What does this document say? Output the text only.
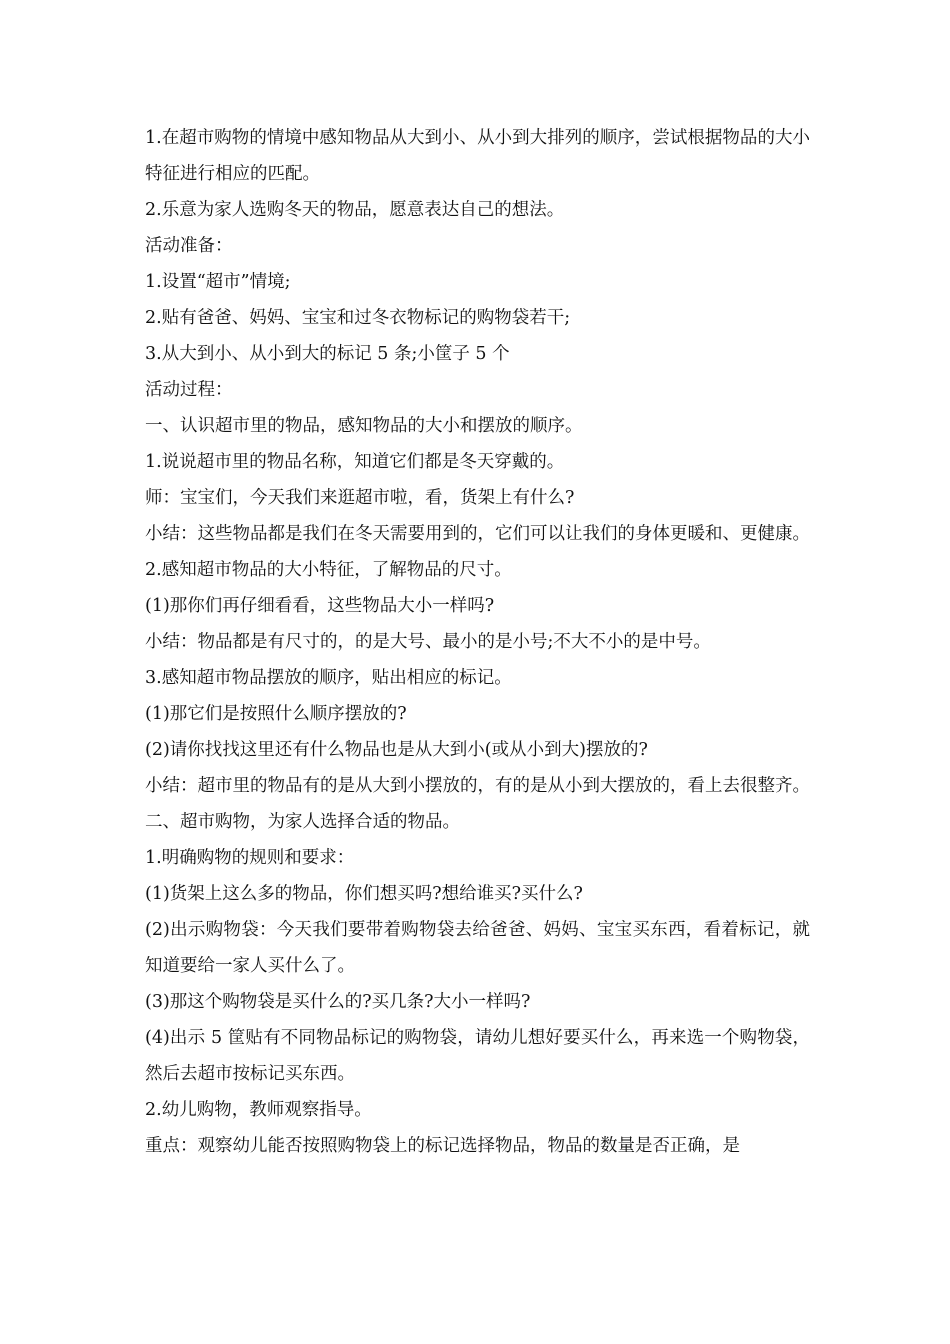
1.在超市购物的情境中感知物品从大到小、从小到大排列的顺序，尝试根据物品的大小特征进行相应的匹配。

2.乐意为家人选购冬天的物品，愿意表达自己的想法。

活动准备：

1.设置“超市”情境;

2.贴有爸爸、妈妈、宝宝和过冬衣物标记的购物袋若干;

3.从大到小、从小到大的标记 5 条;小筐子 5 个

活动过程：

一、认识超市里的物品，感知物品的大小和摆放的顺序。

1.说说超市里的物品名称，知道它们都是冬天穿戴的。

师：宝宝们，今天我们来逛超市啦，看，货架上有什么?

小结：这些物品都是我们在冬天需要用到的，它们可以让我们的身体更暖和、更健康。

2.感知超市物品的大小特征，了解物品的尺寸。

(1)那你们再仔细看看，这些物品大小一样吗?

小结：物品都是有尺寸的，的是大号、最小的是小号;不大不小的是中号。

3.感知超市物品摆放的顺序，贴出相应的标记。

(1)那它们是按照什么顺序摆放的?

(2)请你找找这里还有什么物品也是从大到小(或从小到大)摆放的?

小结：超市里的物品有的是从大到小摆放的，有的是从小到大摆放的，看上去很整齐。

二、超市购物，为家人选择合适的物品。

1.明确购物的规则和要求：

(1)货架上这么多的物品，你们想买吗?想给谁买?买什么?

(2)出示购物袋：今天我们要带着购物袋去给爸爸、妈妈、宝宝买东西，看着标记，就知道要给一家人买什么了。

(3)那这个购物袋是买什么的?买几条?大小一样吗?

(4)出示 5 筐贴有不同物品标记的购物袋，请幼儿想好要买什么，再来选一个购物袋，然后去超市按标记买东西。

2.幼儿购物，教师观察指导。

重点：观察幼儿能否按照购物袋上的标记选择物品，物品的数量是否正确，是
